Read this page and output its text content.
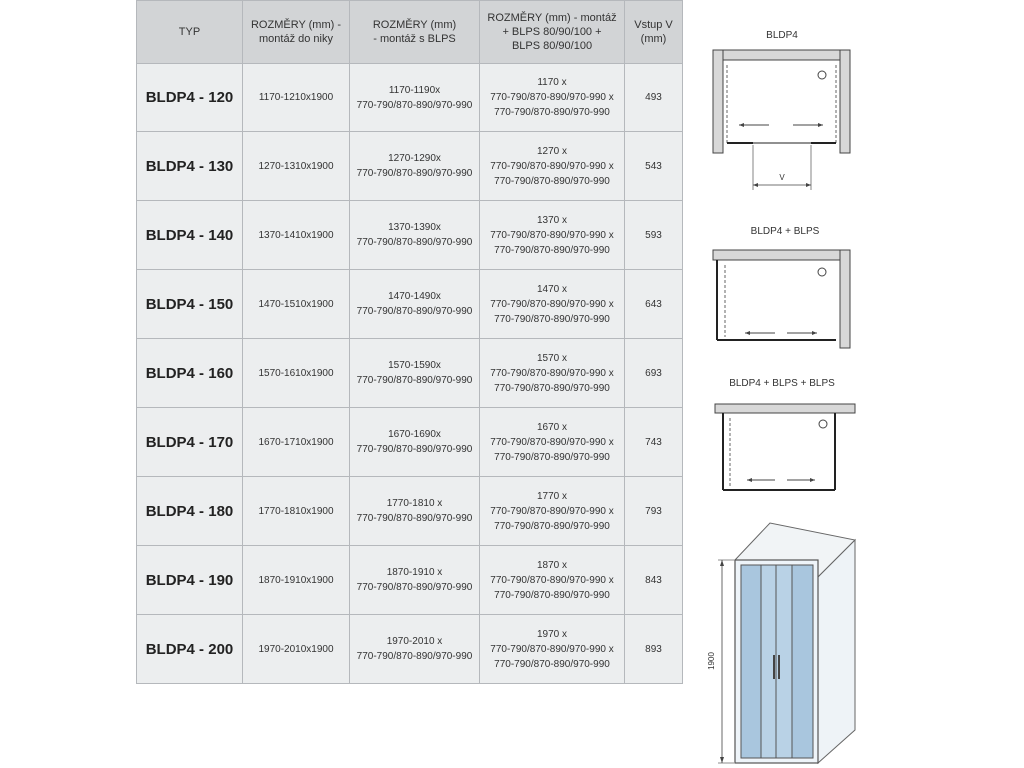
TYP	ROZMĚRY (mm) -
montáž do niky	ROZMĚRY (mm)
- montáž s BLPS	ROZMĚRY (mm) - montáž
+ BLPS 80/90/100 +
BLPS 80/90/100	Vstup V
(mm)
BLDP4 - 120	1170-1210x1900	1170-1190x
770-790/870-890/970-990	1170 x
770-790/870-890/970-990 x
770-790/870-890/970-990	493
BLDP4 - 130	1270-1310x1900	1270-1290x
770-790/870-890/970-990	1270 x
770-790/870-890/970-990 x
770-790/870-890/970-990	543
BLDP4 - 140	1370-1410x1900	1370-1390x
770-790/870-890/970-990	1370 x
770-790/870-890/970-990 x
770-790/870-890/970-990	593
BLDP4 - 150	1470-1510x1900	1470-1490x
770-790/870-890/970-990	1470 x
770-790/870-890/970-990 x
770-790/870-890/970-990	643
BLDP4 - 160	1570-1610x1900	1570-1590x
770-790/870-890/970-990	1570 x
770-790/870-890/970-990 x
770-790/870-890/970-990	693
BLDP4 - 170	1670-1710x1900	1670-1690x
770-790/870-890/970-990	1670 x
770-790/870-890/970-990 x
770-790/870-890/970-990	743
BLDP4 - 180	1770-1810x1900	1770-1810 x
770-790/870-890/970-990	1770 x
770-790/870-890/970-990 x
770-790/870-890/970-990	793
BLDP4 - 190	1870-1910x1900	1870-1910 x
770-790/870-890/970-990	1870 x
770-790/870-890/970-990 x
770-790/870-890/970-990	843
BLDP4 - 200	1970-2010x1900	1970-2010 x
770-790/870-890/970-990	1970 x
770-790/870-890/970-990 x
770-790/870-890/970-990	893
BLDP4
V
BLDP4 + BLPS
BLDP4 + BLPS + BLPS
1900
